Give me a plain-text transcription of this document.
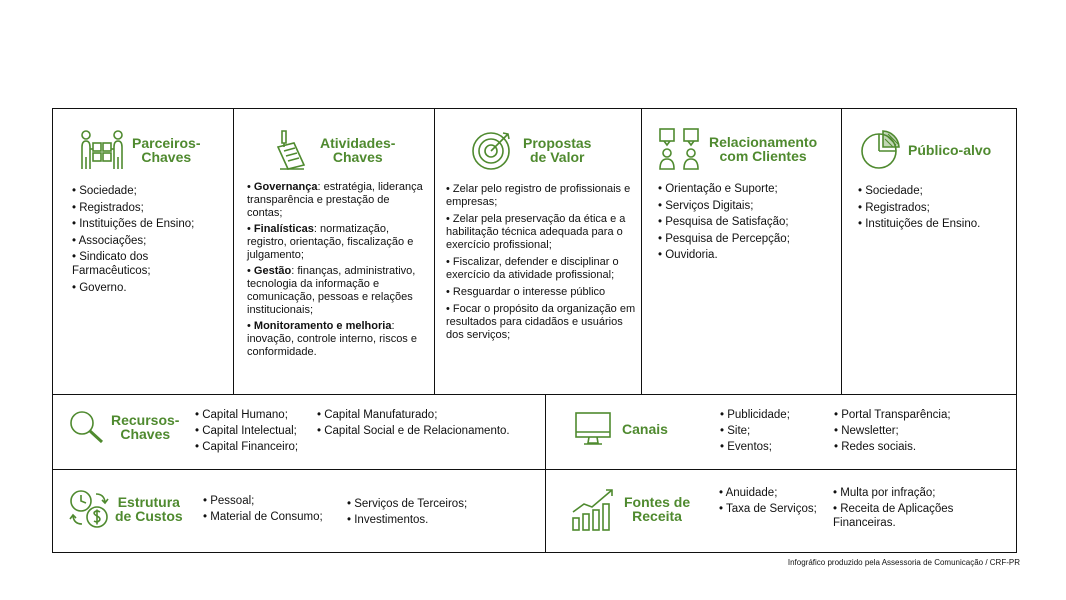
Parceiros-
Chaves
• Sociedade;
• Registrados;
• Instituições de Ensino;
• Associações;
• Sindicato dos Farmacêuticos;
• Governo.
Atividades-
Chaves
• Governança: estratégia, liderança transparência e prestação de contas;
• Finalísticas: normatização, registro, orientação, fiscalização e julgamento;
• Gestão: finanças, administrativo, tecnologia da informação e comunicação, pessoas e relações institucionais;
• Monitoramento e melhoria: inovação, controle interno, riscos e conformidade.
Propostas
de Valor
• Zelar pelo registro de profissionais e empresas;
• Zelar pela preservação da ética e a habilitação técnica adequada para o exercício profissional;
• Fiscalizar, defender e disciplinar o exercício da atividade profissional;
• Resguardar o interesse público
• Focar o propósito da organização em resultados para cidadãos e usuários dos serviços;
Relacionamento
com Clientes
• Orientação e Suporte;
• Serviços Digitais;
• Pesquisa de Satisfação;
• Pesquisa de Percepção;
• Ouvidoria.
Público-alvo
• Sociedade;
• Registrados;
• Instituições de Ensino.
Recursos-
Chaves
• Capital Humano;
• Capital Intelectual;
• Capital Financeiro;
• Capital Manufaturado;
• Capital Social e de Relacionamento.	Canais
• Publicidade;
• Site;
• Eventos;
• Portal Transparência;
• Newsletter;
• Redes sociais.
Estrutura
de Custos
• Pessoal;
• Material de Consumo;
• Serviços de Terceiros;
• Investimentos.
Fontes de
Receita
• Anuidade;
• Taxa de Serviços;
• Multa por infração;
• Receita de Aplicações Financeiras.
Infográfico produzido pela Assessoria de Comunicação / CRF-PR
